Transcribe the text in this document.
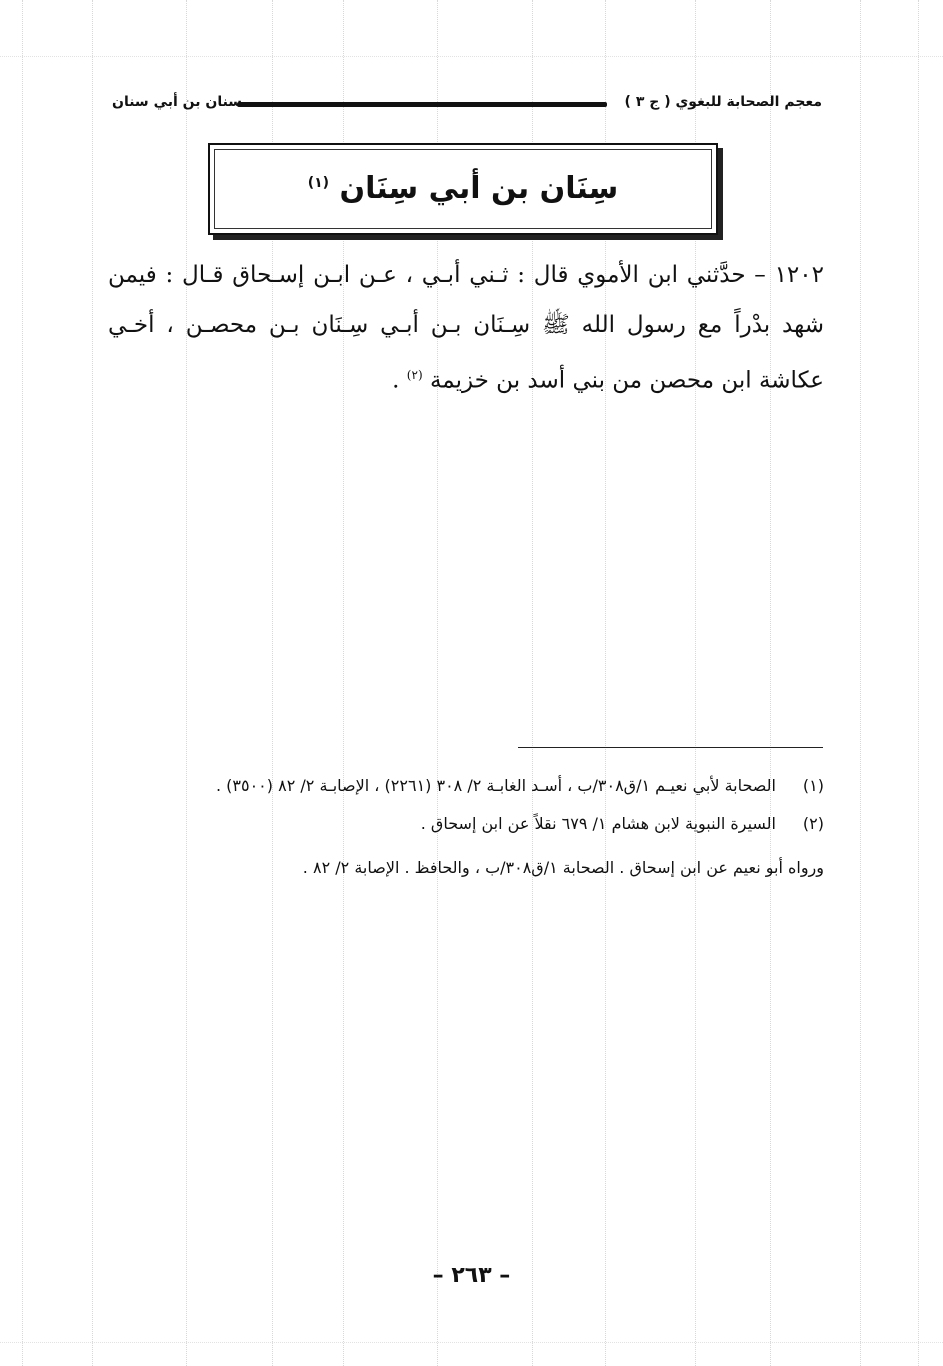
معجم الصحابة للبغوي ( ج ٣ )
سنان بن أبي سنان
سِنَان بن أبي سِنَان $^{(١)}$

١٢٠٢ – حدَّثني ابن الأموي قال : ثـني أبـي ، عـن ابـن إسـحاق قـال : فيمن شهد بدْراً مع رسول الله ﷺ سِـنَان بـن أبـي سِـنَان بـن محصـن ، أخـي عكاشة ابن محصن من بني أسد بن خزيمة $^{(٢)}$ .

(١)
الصحابة لأبي نعيـم ١/ق٣٠٨/ب ، أسـد الغابـة ٢/ ٣٠٨ (٢٢٦١) ، الإصابـة ٢/ ٨٢ (٣٥٠٠) .
(٢)
السيرة النبوية لابن هشام ١/ ٦٧٩ نقلاً عن ابن إسحاق .
ورواه أبو نعيم عن ابن إسحاق . الصحابة ١/ق٣٠٨/ب ، والحافظ . الإصابة ٢/ ٨٢ .
– ٢٦٣ –
